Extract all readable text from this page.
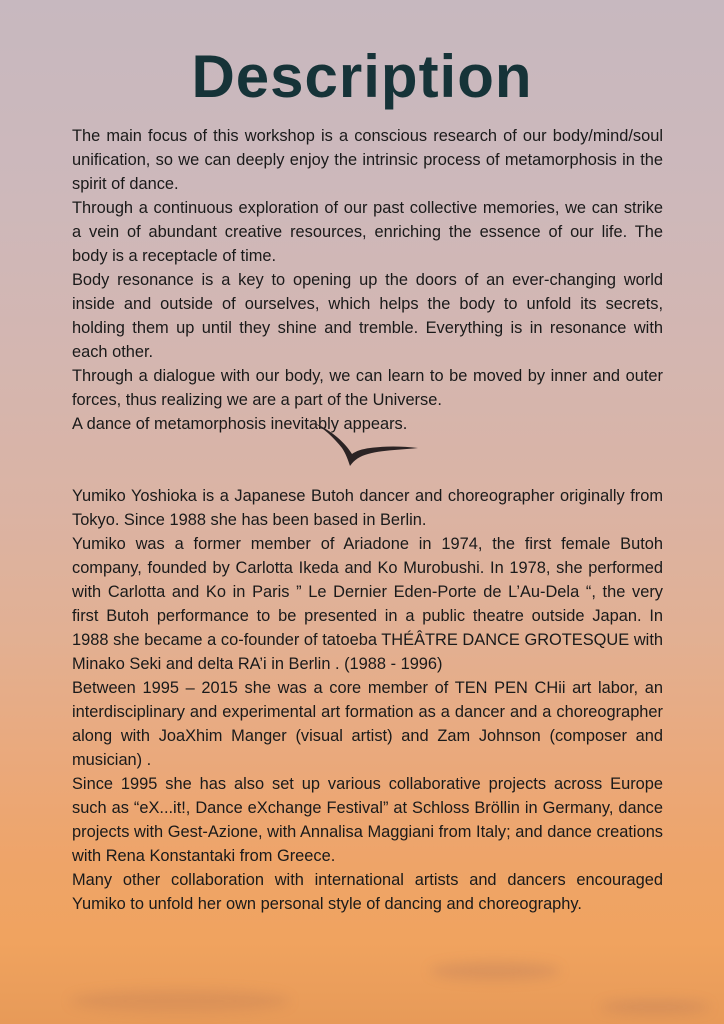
Description
The main focus of this workshop is a conscious research of our body/mind/soul unification, so we can deeply enjoy the intrinsic process of metamorphosis in the spirit of dance.
Through a continuous exploration of our past collective memories, we can strike a vein of abundant creative resources, enriching the essence of our life. The body is a receptacle of time.
Body resonance is a key to opening up the doors of an ever-changing world inside and outside of ourselves, which helps the body to unfold its secrets, holding them up until they shine and tremble. Everything is in resonance with each other.
Through a dialogue with our body, we can learn to be moved by inner and outer forces, thus realizing we are a part of the Universe.
A dance of metamorphosis inevitably appears.
Yumiko Yoshioka is a Japanese Butoh dancer and choreographer originally from Tokyo. Since 1988 she has been based in Berlin.
Yumiko was a former member of Ariadone in 1974, the first female Butoh company, founded by Carlotta Ikeda and Ko Murobushi. In 1978, she performed with Carlotta and Ko in Paris ” Le Dernier Eden-Porte de L’Au-Dela “, the very first Butoh performance to be presented in a public theatre outside Japan. In 1988 she became a co-founder of tatoeba THÉÂTRE DANCE GROTESQUE with Minako Seki and delta RA’i in Berlin . (1988 - 1996)
Between 1995 – 2015 she was a core member of TEN PEN CHii art labor, an interdisciplinary and experimental art formation as a dancer and a choreographer along with JoaXhim Manger (visual artist) and Zam Johnson (composer and musician) .
Since 1995 she has also set up various collaborative projects across Europe such as “eX...it!, Dance eXchange Festival” at Schloss Bröllin in Germany, dance projects with Gest-Azione, with Annalisa Maggiani from Italy; and dance creations with Rena Konstantaki from Greece.
Many other collaboration with international artists and dancers encouraged Yumiko to unfold her own personal style of dancing and choreography.
